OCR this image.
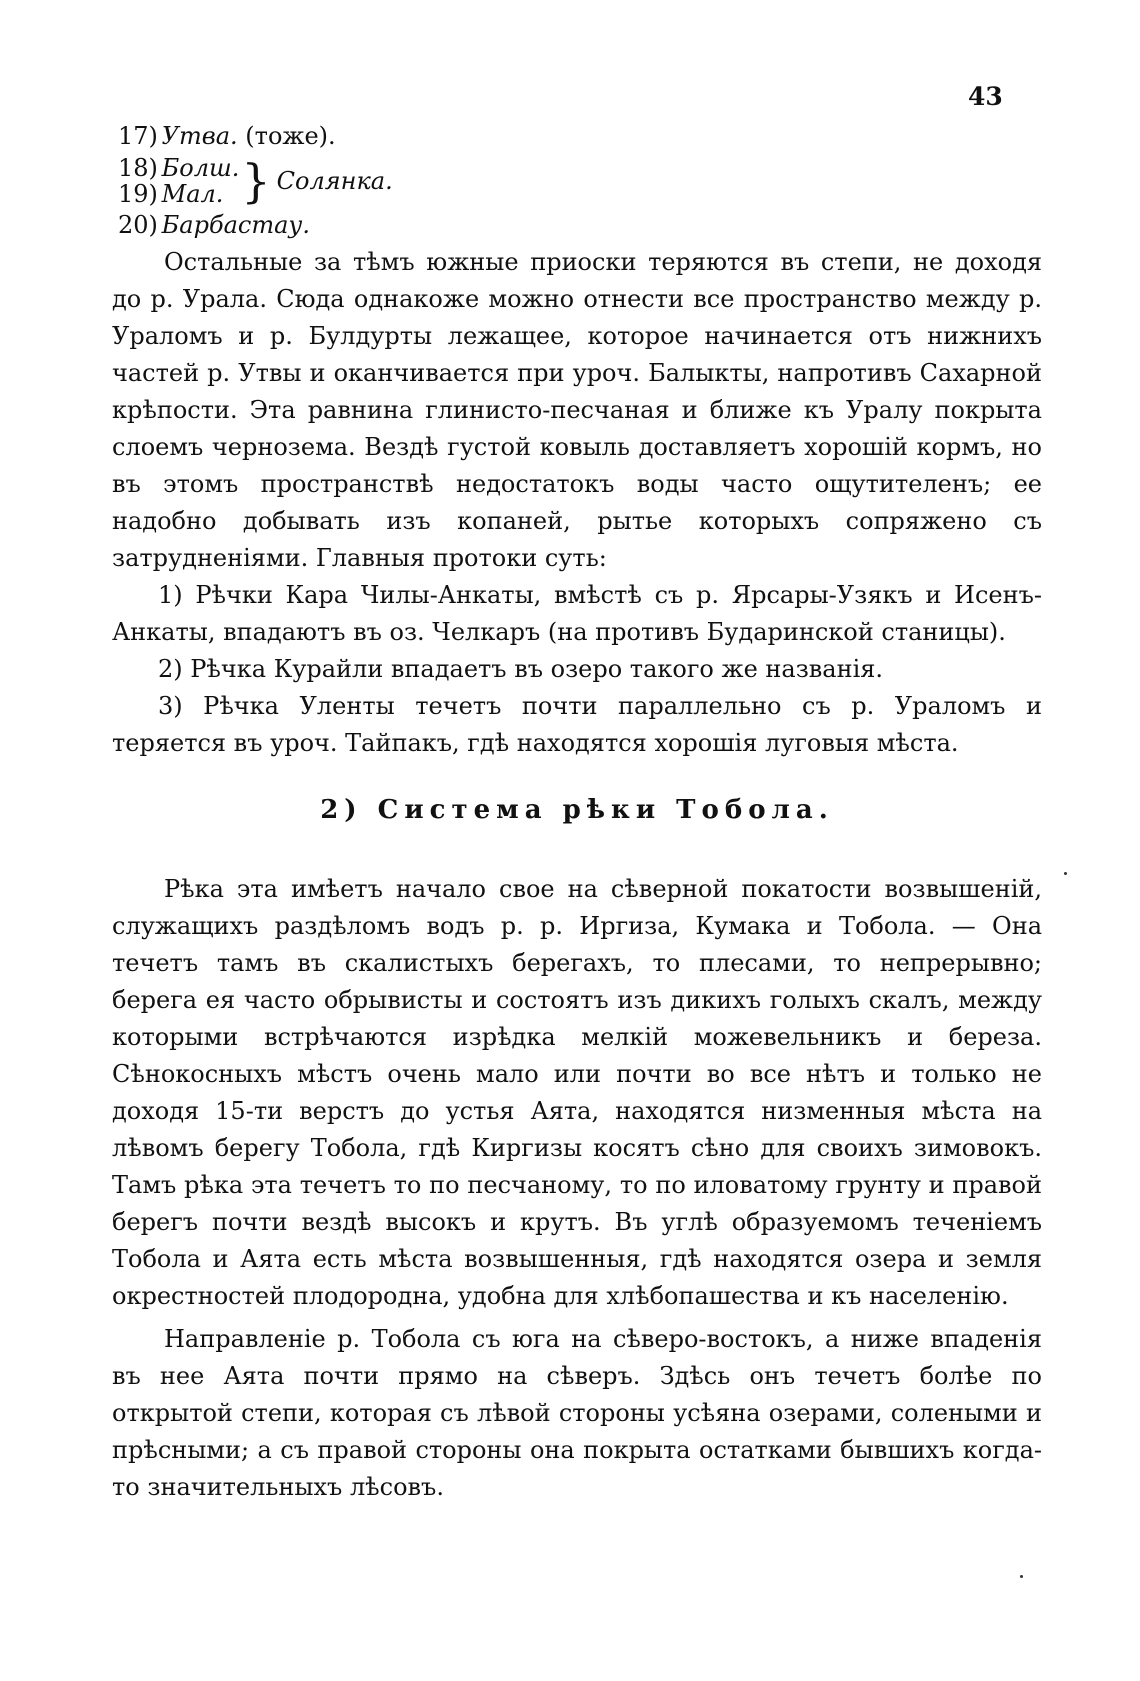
43
17) Утва. (тоже).
18) Болш.
19) Мал. } Солянка.
20) Барбастау.

Остальные за тѣмъ южные приоски теряются въ степи, не доходя до р. Урала. Сюда однакоже можно отнести все пространство между р. Ураломъ и р. Булдурты лежащее, которое начинается отъ нижнихъ частей р. Утвы и оканчивается при уроч. Балыкты, напротивъ Сахарной крѣпости. Эта равнина глинисто-песчаная и ближе къ Уралу покрыта слоемъ черноземa. Вездѣ густой ковыль доставляетъ хорошiй кормъ, но въ этомъ пространствѣ недостатокъ воды часто ощутителенъ; ее надобно добывать изъ копаней, рытье которыхъ сопряжено съ затрудненiями. Главныя протоки суть:

1) Рѣчки Кара Чилы-Анкаты, вмѣстѣ съ р. Ярсары-Узякъ и Исенъ-Анкаты, впадаютъ въ оз. Челкаръ (на противъ Бударинской станицы).

2) Рѣчка Курайли впадаетъ въ озеро такого же названiя.

3) Рѣчка Уленты течетъ почти параллельно съ р. Ураломъ и теряется въ уроч. Тайпакъ, гдѣ находятся хорошiя луговыя мѣста.

2) Система рѣки Тобола.

Рѣка эта имѣетъ начало свое на сѣверной покатости возвышенiй, служащихъ раздѣломъ водъ р. р. Иргиза, Кумака и Тобола. — Она течетъ тамъ въ скалистыхъ берегахъ, то плесами, то непрерывно; берега ея часто обрывисты и состоятъ изъ дикихъ голыхъ скалъ, между которыми встрѣчаются изрѣдка мелкiй можевельникъ и береза. Сѣнокосныхъ мѣстъ очень мало или почти во все нѣтъ и только не доходя 15-ти верстъ до устья Аята, находятся низменныя мѣста на лѣвомъ берегу Тобола, гдѣ Киргизы косятъ сѣно для своихъ зимовокъ. Тамъ рѣка эта течетъ то по песчаному, то по иловатому грунту и правой берегъ почти вездѣ высокъ и крутъ. Въ углѣ образуемомъ теченiемъ Тобола и Аята есть мѣста возвышенныя, гдѣ находятся озера и земля окрестностей плодородна, удобна для хлѣбопашества и къ населенiю.

Направленiе р. Тобола съ юга на сѣверо-востокъ, а ниже впаденiя въ нее Аята почти прямо на сѣверъ. Здѣсь онъ течетъ болѣе по открытой степи, которая съ лѣвой стороны усѣяна озерами, солеными и прѣсными; а съ правой стороны она покрыта остатками бывшихъ когда-то значительныхъ лѣсовъ.
